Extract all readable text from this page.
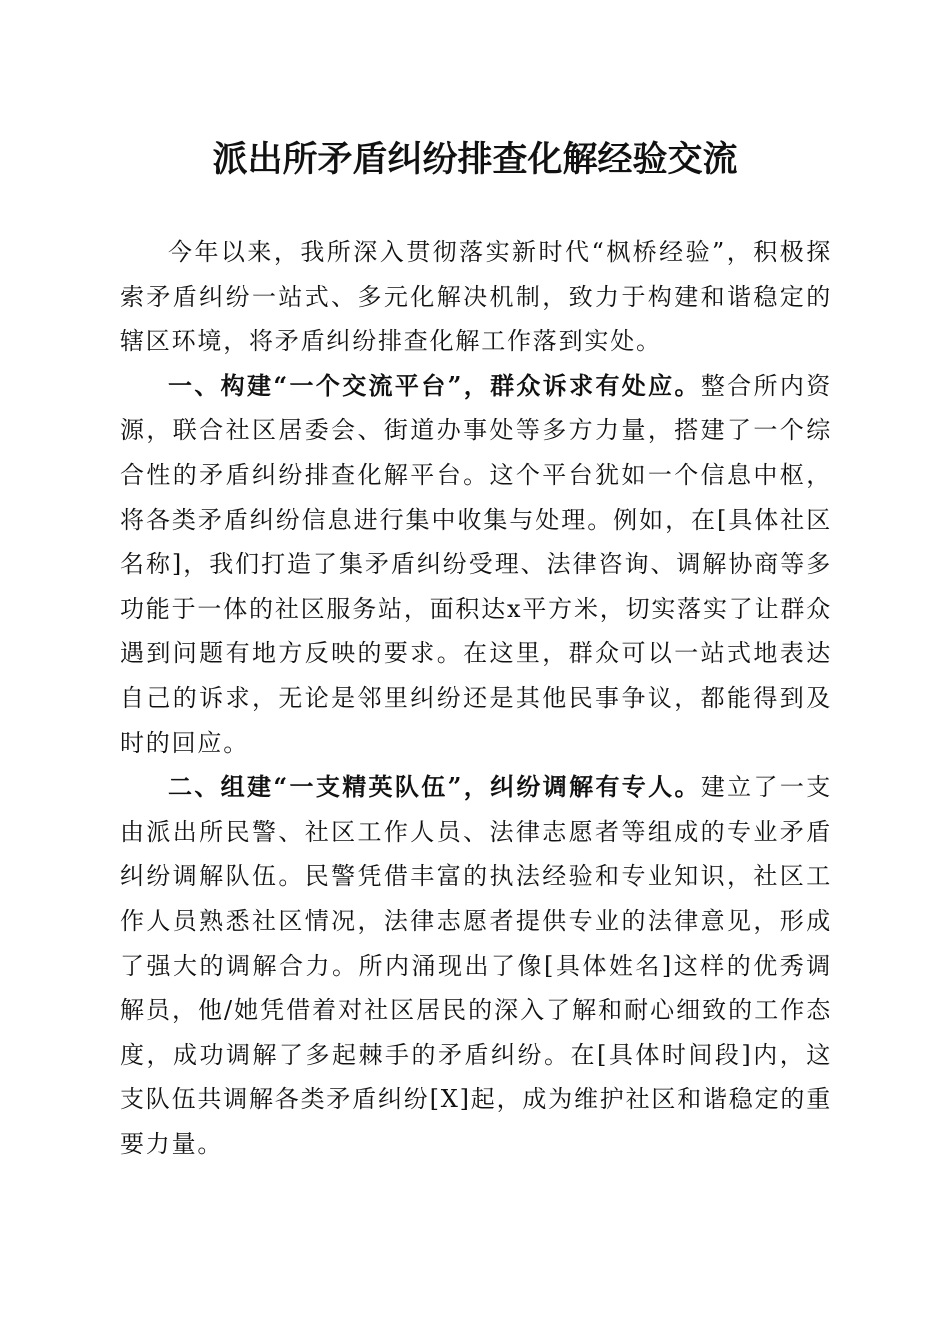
派出所矛盾纠纷排查化解经验交流

今年以来，我所深入贯彻落实新时代“枫桥经验”，积极探索矛盾纠纷一站式、多元化解决机制，致力于构建和谐稳定的辖区环境，将矛盾纠纷排查化解工作落到实处。

一、构建“一个交流平台”，群众诉求有处应。整合所内资源，联合社区居委会、街道办事处等多方力量，搭建了一个综合性的矛盾纠纷排查化解平台。这个平台犹如一个信息中枢，将各类矛盾纠纷信息进行集中收集与处理。例如，在[具体社区名称]，我们打造了集矛盾纠纷受理、法律咨询、调解协商等多功能于一体的社区服务站，面积达x平方米，切实落实了让群众遇到问题有地方反映的要求。在这里，群众可以一站式地表达自己的诉求，无论是邻里纠纷还是其他民事争议，都能得到及时的回应。

二、组建“一支精英队伍”，纠纷调解有专人。建立了一支由派出所民警、社区工作人员、法律志愿者等组成的专业矛盾纠纷调解队伍。民警凭借丰富的执法经验和专业知识，社区工作人员熟悉社区情况，法律志愿者提供专业的法律意见，形成了强大的调解合力。所内涌现出了像[具体姓名]这样的优秀调解员，他/她凭借着对社区居民的深入了解和耐心细致的工作态度，成功调解了多起棘手的矛盾纠纷。在[具体时间段]内，这支队伍共调解各类矛盾纠纷[X]起，成为维护社区和谐稳定的重要力量。
